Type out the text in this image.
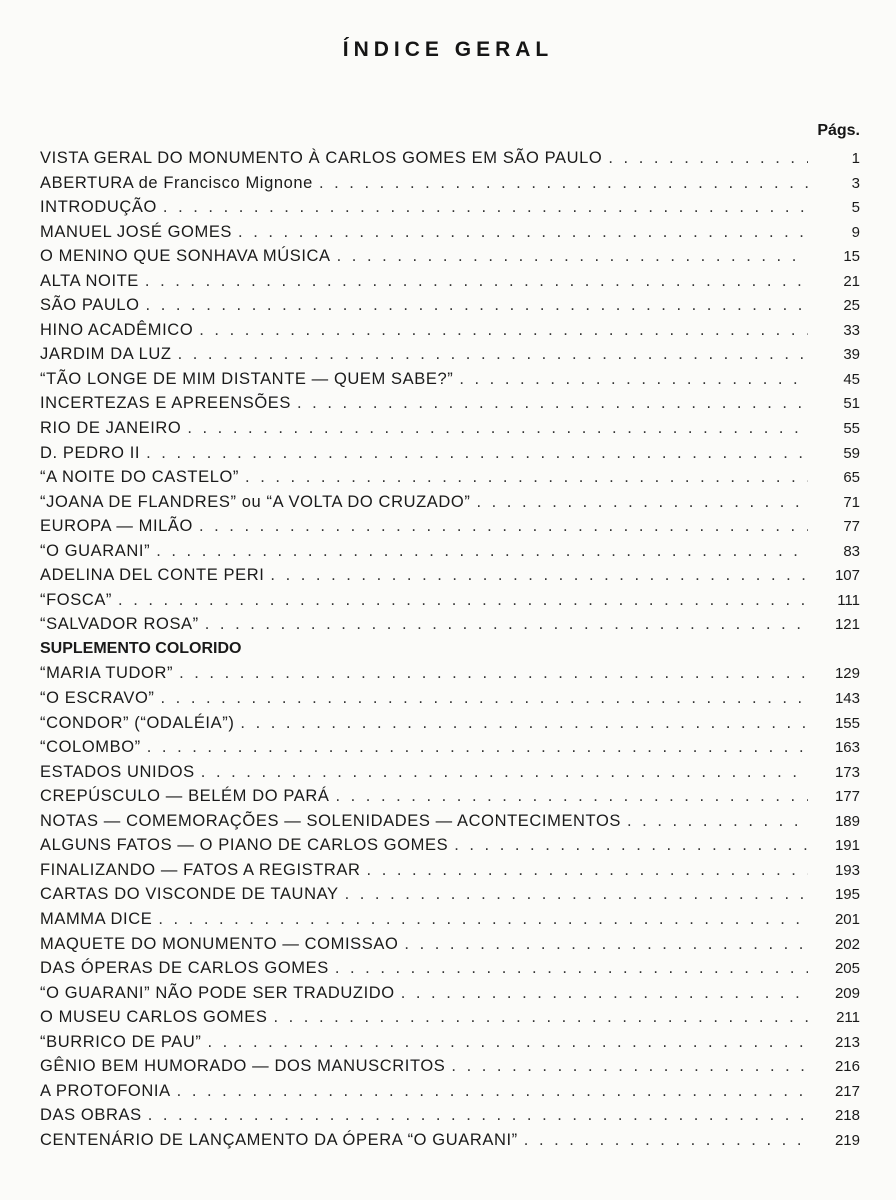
ÍNDICE GERAL
Págs.
VISTA GERAL DO MONUMENTO À CARLOS GOMES EM SÃO PAULO . . .	1
ABERTURA de Francisco Mignone . . .	3
INTRODUÇÃO . . .	5
MANUEL JOSÉ GOMES . . .	9
O MENINO QUE SONHAVA MÚSICA . . .	15
ALTA NOITE . . .	21
SÃO PAULO . . .	25
HINO ACADÊMICO . . .	33
JARDIM DA LUZ . . .	39
“TÃO LONGE DE MIM DISTANTE — QUEM SABE?” . . .	45
INCERTEZAS E APREENSÕES . . .	51
RIO DE JANEIRO . . .	55
D. PEDRO II . . .	59
“A NOITE DO CASTELO” . . .	65
“JOANA DE FLANDRES” ou “A VOLTA DO CRUZADO” . . .	71
EUROPA — MILÃO . . .	77
“O GUARANI” . . .	83
ADELINA DEL CONTE PERI . . .	107
“FOSCA” . . .	111
“SALVADOR ROSA” . . .	121
SUPLEMENTO COLORIDO
“MARIA TUDOR” . . .	129
“O ESCRAVO” . . .	143
“CONDOR” (“ODALÉIA”) . . .	155
“COLOMBO” . . .	163
ESTADOS UNIDOS . . .	173
CREPÚSCULO — BELÉM DO PARÁ . . .	177
NOTAS — COMEMORAÇÕES — SOLENIDADES — ACONTECIMENTOS . . .	189
ALGUNS FATOS — O PIANO DE CARLOS GOMES . . .	191
FINALIZANDO — FATOS A REGISTRAR . . .	193
CARTAS DO VISCONDE DE TAUNAY . . .	195
MAMMA DICE . . .	201
MAQUETE DO MONUMENTO — COMISSAO . . .	202
DAS ÓPERAS DE CARLOS GOMES . . .	205
“O GUARANI” NÃO PODE SER TRADUZIDO . . .	209
O MUSEU CARLOS GOMES . . .	211
“BURRICO DE PAU” . . .	213
GÊNIO BEM HUMORADO — DOS MANUSCRITOS . . .	216
A PROTOFONIA . . .	217
DAS OBRAS . . .	218
CENTENÁRIO DE LANÇAMENTO DA ÓPERA “O GUARANI” . . .	219
